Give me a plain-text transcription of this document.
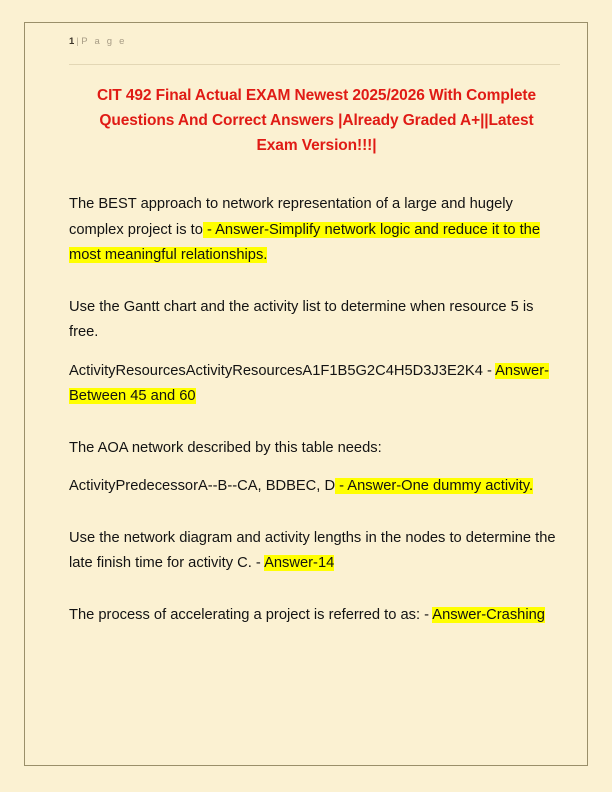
1 | P a g e
CIT 492 Final Actual EXAM Newest 2025/2026 With Complete Questions And Correct Answers |Already Graded A+||Latest Exam Version!!!|

The BEST approach to network representation of a large and hugely complex project is to - Answer-Simplify network logic and reduce it to the most meaningful relationships.

Use the Gantt chart and the activity list to determine when resource 5 is free.

ActivityResourcesActivityResourcesA1F1B5G2C4H5D3J3E2K4 - Answer-Between 45 and 60

The AOA network described by this table needs:

ActivityPredecessorA--B--CA, BDBEC, D - Answer-One dummy activity.

Use the network diagram and activity lengths in the nodes to determine the late finish time for activity C. - Answer-14

The process of accelerating a project is referred to as: - Answer-Crashing
